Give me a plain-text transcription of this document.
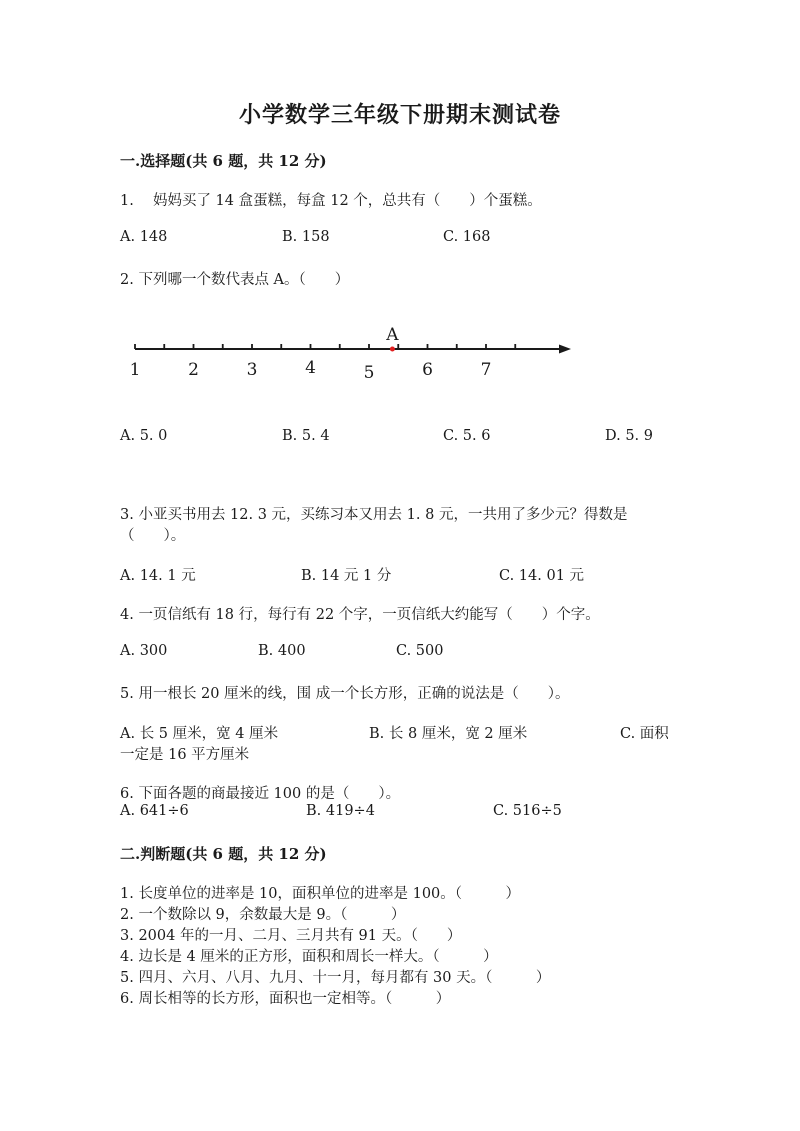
小学数学三年级下册期末测试卷
一.选择题(共 6 题，共 12 分)
1.　 妈妈买了 14 盒蛋糕，每盒 12 个，总共有（　　）个蛋糕。
A. 148	B. 158	C. 168
2. 下列哪一个数代表点 A。（　　）
1	2	3	4	5	6	7
A
A. 5. 0	B. 5. 4	C. 5. 6	D. 5. 9
3. 小亚买书用去 12. 3 元，买练习本又用去 1. 8 元，一共用了多少元？得数是
（　　）。
A. 14. 1 元	B. 14 元 1 分	C. 14. 01 元
4. 一页信纸有 18 行，每行有 22 个字，一页信纸大约能写（　　）个字。
A. 300	B. 400	C. 500
5. 用一根长 20 厘米的线，围 成一个长方形，正确的说法是（　　）。
A. 长 5 厘米，宽 4 厘米	B. 长 8 厘米，宽 2 厘米	C. 面积
一定是 16 平方厘米
6. 下面各题的商最接近 100 的是（　　）。
A. 641÷6	B. 419÷4	C. 516÷5
二.判断题(共 6 题，共 12 分)
1. 长度单位的进率是 10，面积单位的进率是 100。（　　　）
2. 一个数除以 9，余数最大是 9。（　　　）
3. 2004 年的一月、二月、三月共有 91 天。（　　）
4. 边长是 4 厘米的正方形，面积和周长一样大。（　　　）
5. 四月、六月、八月、九月、十一月，每月都有 30 天。（　　　）
6. 周长相等的长方形，面积也一定相等。（　　　）
